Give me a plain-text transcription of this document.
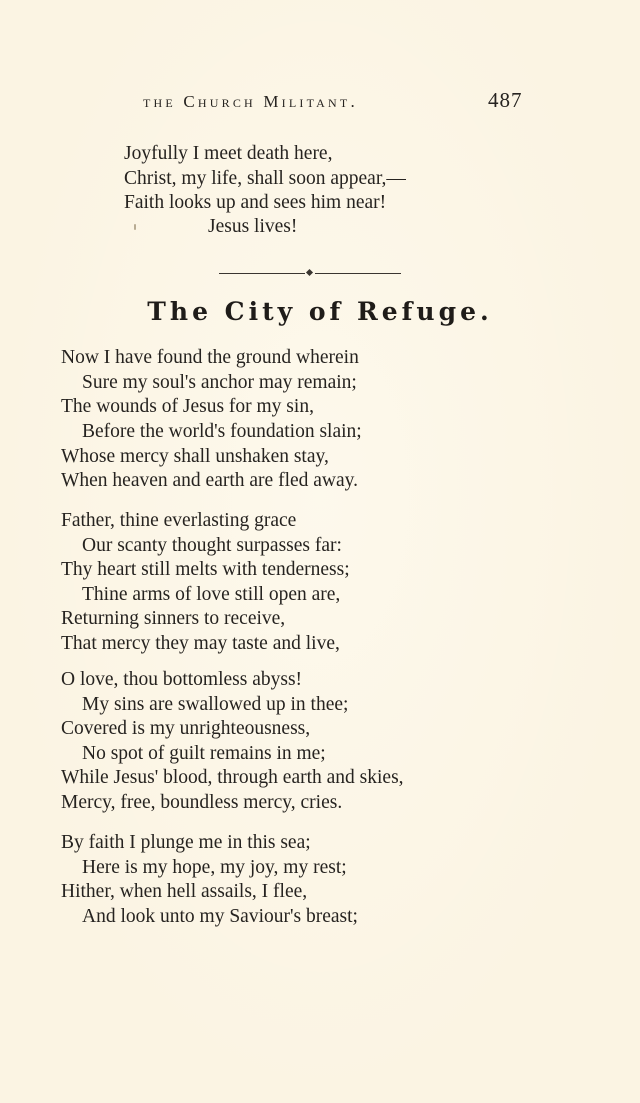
the Church Militant.	487
Joyfully I meet death here,
Christ, my life, shall soon appear,—
Faith looks up and sees him near!
Jesus lives!
The City of Refuge.
Now I have found the ground wherein
Sure my soul's anchor may remain;
The wounds of Jesus for my sin,
Before the world's foundation slain;
Whose mercy shall unshaken stay,
When heaven and earth are fled away.
Father, thine everlasting grace
Our scanty thought surpasses far:
Thy heart still melts with tenderness;
Thine arms of love still open are,
Returning sinners to receive,
That mercy they may taste and live,
O love, thou bottomless abyss!
My sins are swallowed up in thee;
Covered is my unrighteousness,
No spot of guilt remains in me;
While Jesus' blood, through earth and skies,
Mercy, free, boundless mercy, cries.
By faith I plunge me in this sea;
Here is my hope, my joy, my rest;
Hither, when hell assails, I flee,
And look unto my Saviour's breast;
